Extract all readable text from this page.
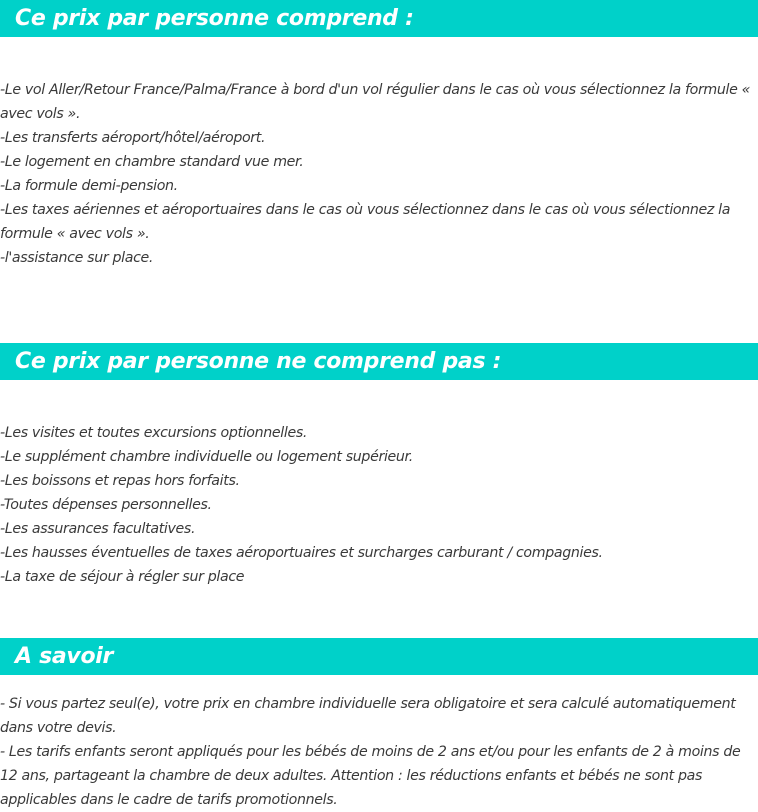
Ce prix par personne comprend :

-Le vol Aller/Retour France/Palma/France à bord d'un vol régulier dans le cas où vous sélectionnez la formule « avec vols ».

-Les transferts aéroport/hôtel/aéroport.

-Le logement en chambre standard vue mer.

-La formule demi-pension.

-Les taxes aériennes et aéroportuaires dans le cas où vous sélectionnez dans le cas où vous sélectionnez la formule « avec vols ».

-l'assistance sur place.

Ce prix par personne ne comprend pas :

-Les visites et toutes excursions optionnelles.

-Le supplément chambre individuelle ou logement supérieur.

-Les boissons et repas hors forfaits.

-Toutes dépenses personnelles.

-Les assurances facultatives.

-Les hausses éventuelles de taxes aéroportuaires et surcharges carburant / compagnies.

-La taxe de séjour à régler sur place

A savoir

- Si vous partez seul(e), votre prix en chambre individuelle sera obligatoire et sera calculé automatiquement dans votre devis.

- Les tarifs enfants seront appliqués pour les bébés de moins de 2 ans et/ou pour les enfants de 2 à moins de 12 ans, partageant la chambre de deux adultes. Attention : les réductions enfants et bébés ne sont pas applicables dans le cadre de tarifs promotionnels.
